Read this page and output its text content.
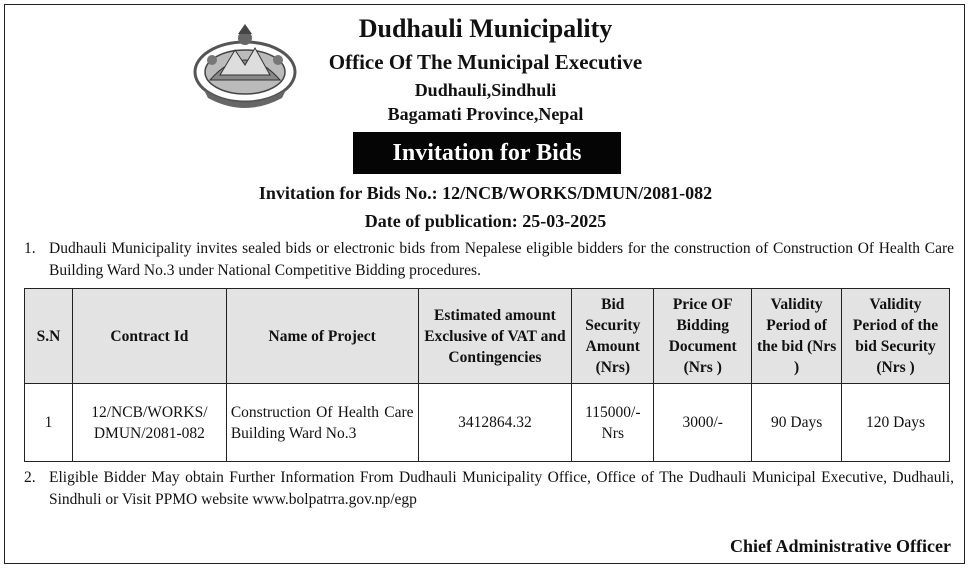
Dudhauli Municipality
Office Of The Municipal Executive
Dudhauli,Sindhuli
Bagamati Province,Nepal
Invitation for Bids
Invitation for Bids No.: 12/NCB/WORKS/DMUN/2081-082
Date of publication: 25-03-2025
1. Dudhauli Municipality invites sealed bids or electronic bids from Nepalese eligible bidders for the construction of Construction Of Health Care Building Ward No.3 under National Competitive Bidding procedures.
S.N	Contract Id	Name of Project	Estimated amount Exclusive of VAT and Contingencies	Bid Security Amount (Nrs)	Price OF Bidding Document (Nrs )	Validity Period of the bid (Nrs )	Validity Period of the bid Security (Nrs )
1	12/NCB/WORKS/ DMUN/2081-082	Construction Of Health Care Building Ward No.3	3412864.32	115000/- Nrs	3000/-	90 Days	120 Days
2. Eligible Bidder May obtain Further Information From Dudhauli Municipality Office, Office of The Dudhauli Municipal Executive, Dudhauli, Sindhuli or Visit PPMO website www.bolpatrra.gov.np/egp
Chief Administrative Officer
